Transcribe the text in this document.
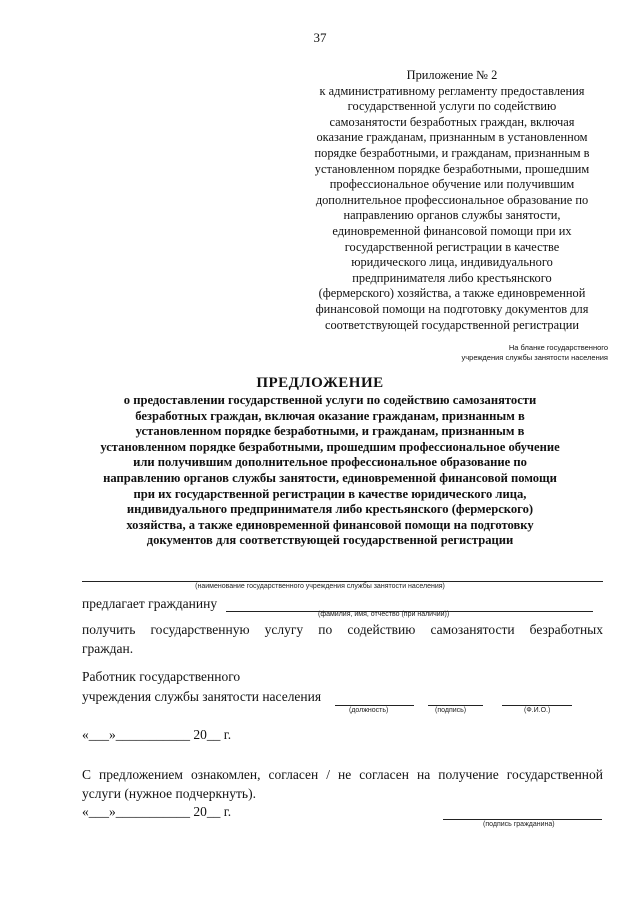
37
Приложение № 2
к административному регламенту предоставления
государственной услуги по содействию
самозанятости безработных граждан, включая
оказание гражданам, признанным в установленном
порядке безработными, и гражданам, признанным в
установленном порядке безработными, прошедшим
профессиональное обучение или получившим
дополнительное профессиональное образование по
направлению органов службы занятости,
единовременной финансовой помощи при их
государственной регистрации в качестве
юридического лица, индивидуального
предпринимателя либо крестьянского
(фермерского) хозяйства, а также единовременной
финансовой помощи на подготовку документов для
соответствующей государственной регистрации
На бланке государственного
учреждения службы занятости населения
ПРЕДЛОЖЕНИЕ
о предоставлении государственной услуги по содействию самозанятости
безработных граждан, включая оказание гражданам, признанным в
установленном порядке безработными, и гражданам, признанным в
установленном порядке безработными, прошедшим профессиональное обучение
или получившим дополнительное профессиональное образование по
направлению органов службы занятости, единовременной финансовой помощи
при их государственной регистрации в качестве юридического лица,
индивидуального предпринимателя либо крестьянского (фермерского)
хозяйства, а также единовременной финансовой помощи на подготовку
документов для соответствующей государственной регистрации
(наименование государственного учреждения службы занятости населения)
предлагает гражданину
(фамилия, имя, отчество (при наличии))
получить государственную услугу по содействию самозанятости безработных
граждан.
Работник государственного
учреждения службы занятости населения
(должность)	(подпись)	(Ф.И.О.)
«___»___________ 20__ г.
С предложением ознакомлен, согласен / не согласен на получение государственной
услуги (нужное подчеркнуть).
«___»___________ 20__ г.
(подпись гражданина)
